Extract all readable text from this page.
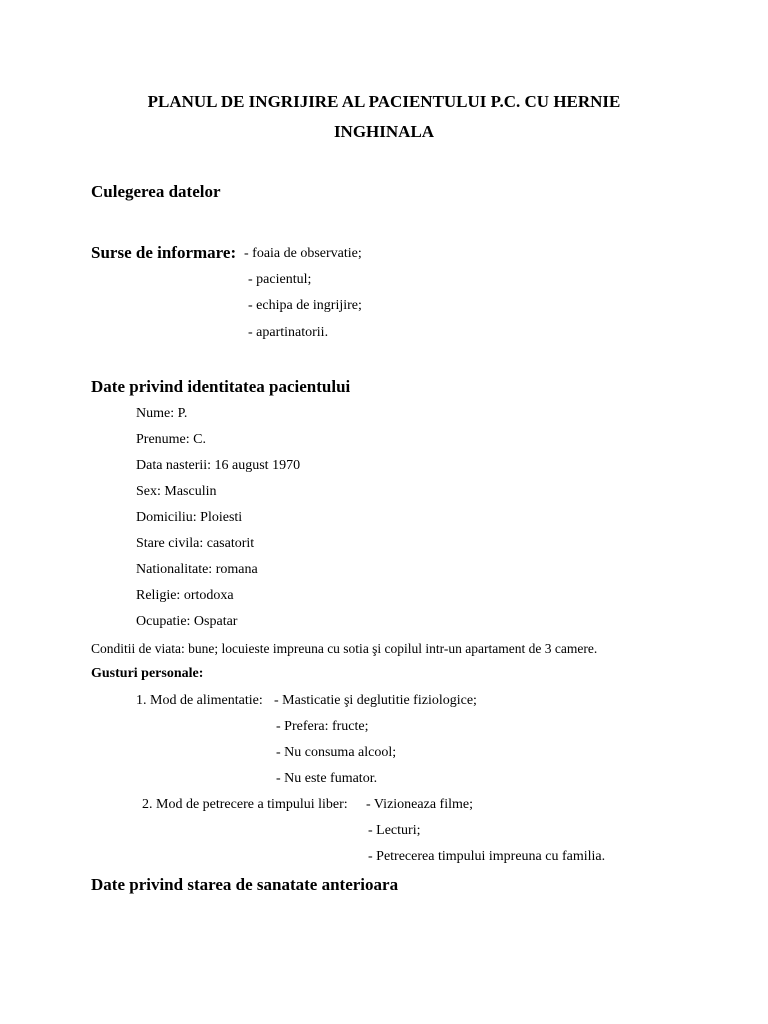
PLANUL DE INGRIJIRE AL PACIENTULUI P.C. CU HERNIE
INGHINALA
Culegerea datelor
Surse de informare: - foaia de observatie;
- pacientul;
- echipa de ingrijire;
- apartinatorii.
Date privind identitatea pacientului
Nume: P.
Prenume: C.
Data nasterii: 16 august 1970
Sex: Masculin
Domiciliu: Ploiesti
Stare civila: casatorit
Nationalitate: romana
Religie: ortodoxa
Ocupatie: Ospatar
Conditii de viata: bune; locuieste impreuna cu sotia şi copilul intr-un apartament de 3 camere.
Gusturi personale:
1. Mod de alimentatie: - Masticatie şi deglutitie fiziologice;
- Prefera: fructe;
- Nu consuma alcool;
- Nu este fumator.
2. Mod de petrecere a timpului liber: - Vizioneaza filme;
- Lecturi;
- Petrecerea timpului impreuna cu familia.
Date privind starea de sanatate anterioara
